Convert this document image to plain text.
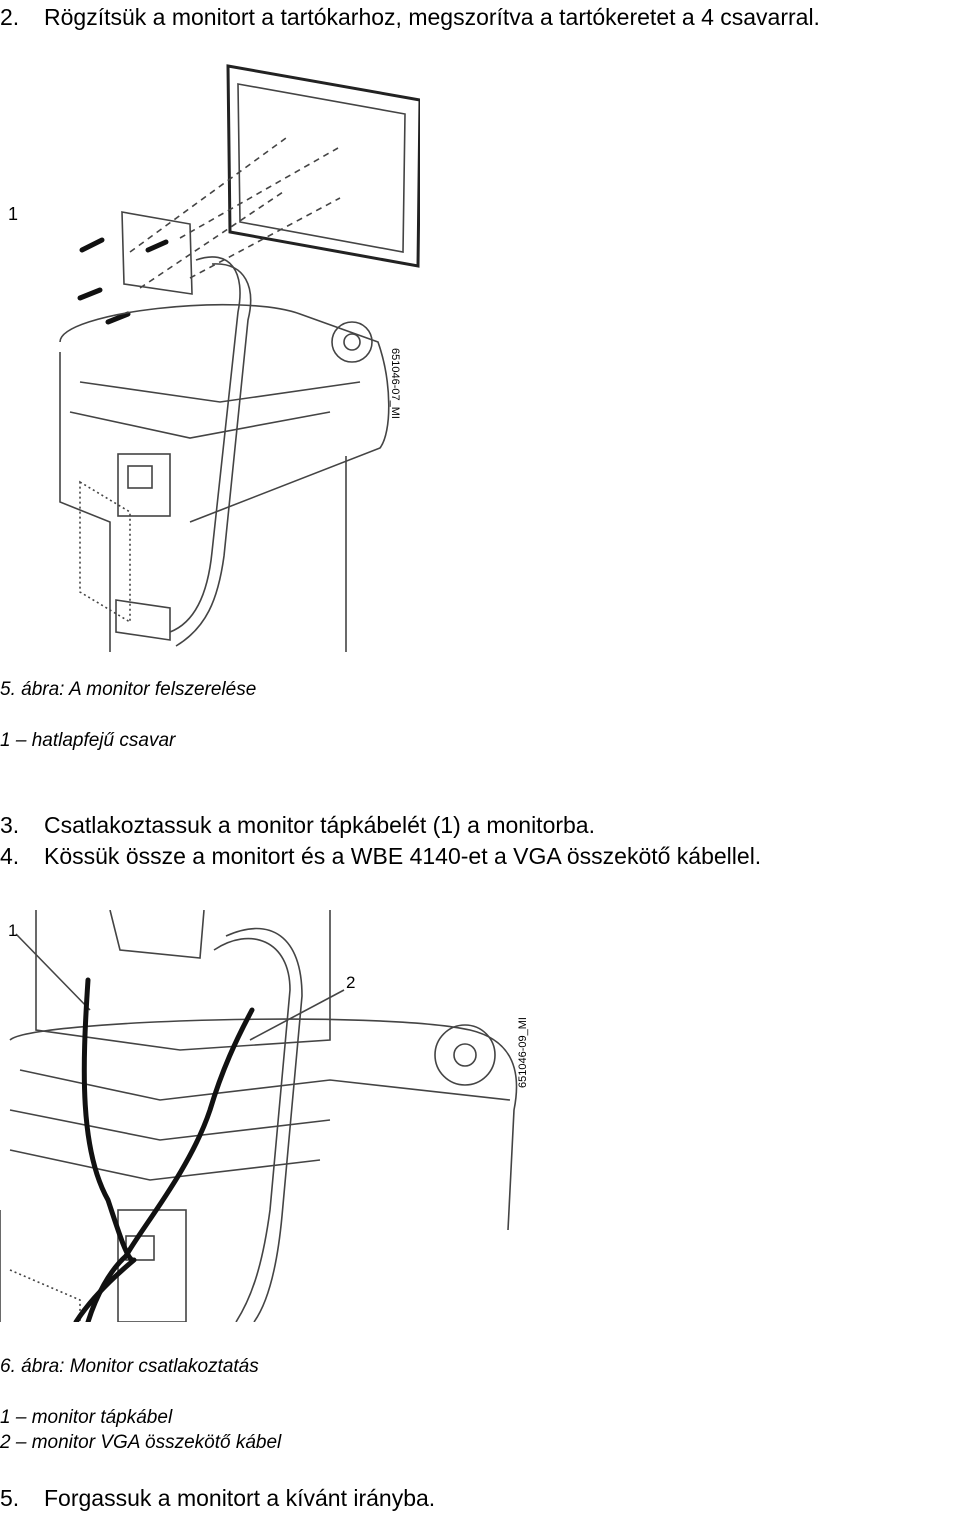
2. Rögzítsük a monitort a tartókarhoz, megszorítva a tartókeretet a 4 csavarral.
1
651046-07_MI
5. ábra: A monitor felszerelése
1 – hatlapfejű csavar
3. Csatlakoztassuk a monitor tápkábelét (1) a monitorba.
4. Kössük össze a monitort és a WBE 4140-et a VGA összekötő kábellel.
1
2
651046-09_MI
6. ábra: Monitor csatlakoztatás
1 – monitor tápkábel
2 – monitor VGA összekötő kábel
5. Forgassuk a monitort a kívánt irányba.
